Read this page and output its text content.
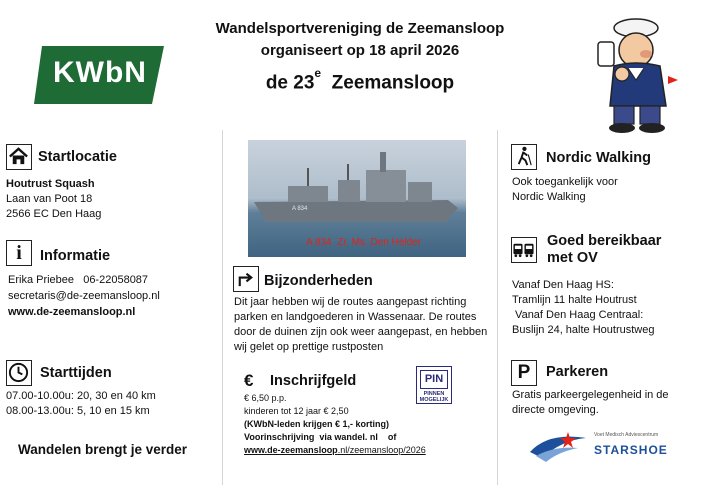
Wandelsportvereniging de Zeemansloop
organiseert op 18 april 2026
de 23e Zeemansloop
KWbN
Startlocatie
Houtrust Squash
Laan van Poot 18
2566 EC Den Haag
i	Informatie
Erika Priebee   06-22058087
secretaris@de-zeemansloop.nl
www.de-zeemansloop.nl
Starttijden
07.00-10.00u: 20, 30 en 40 km
08.00-13.00u: 5, 10 en 15 km
Wandelen brengt je verder
A 834
A 834  Zr. Ms. Den Helder
Bijzonderheden
Dit jaar hebben wij de routes aangepast richting parken en landgoederen in Wassenaar. De routes door de duinen zijn ook weer aangepast, en hebben wij gelet op prettige rustposten
€ Inschrijfgeld	PIN
PINNEN
MOGELIJK
€ 6,50 p.p.
kinderen tot 12 jaar € 2,50
(KWbN-leden krijgen € 1,- korting)
Voorinschrijving  via wandel. nl    of
www.de-zeemansloop.nl/zeemansloop/2026
Nordic Walking
Ook toegankelijk voor
Nordic Walking
Goed bereikbaar
met OV
Vanaf Den Haag HS:
Tramlijn 11 halte Houtrust
Vanaf Den Haag Centraal:
Buslijn 24, halte Houtrustweg
P	Parkeren
Gratis parkeergelegenheid in de directe omgeving.
Voet Medisch Adviescentrum
STARSHOE
